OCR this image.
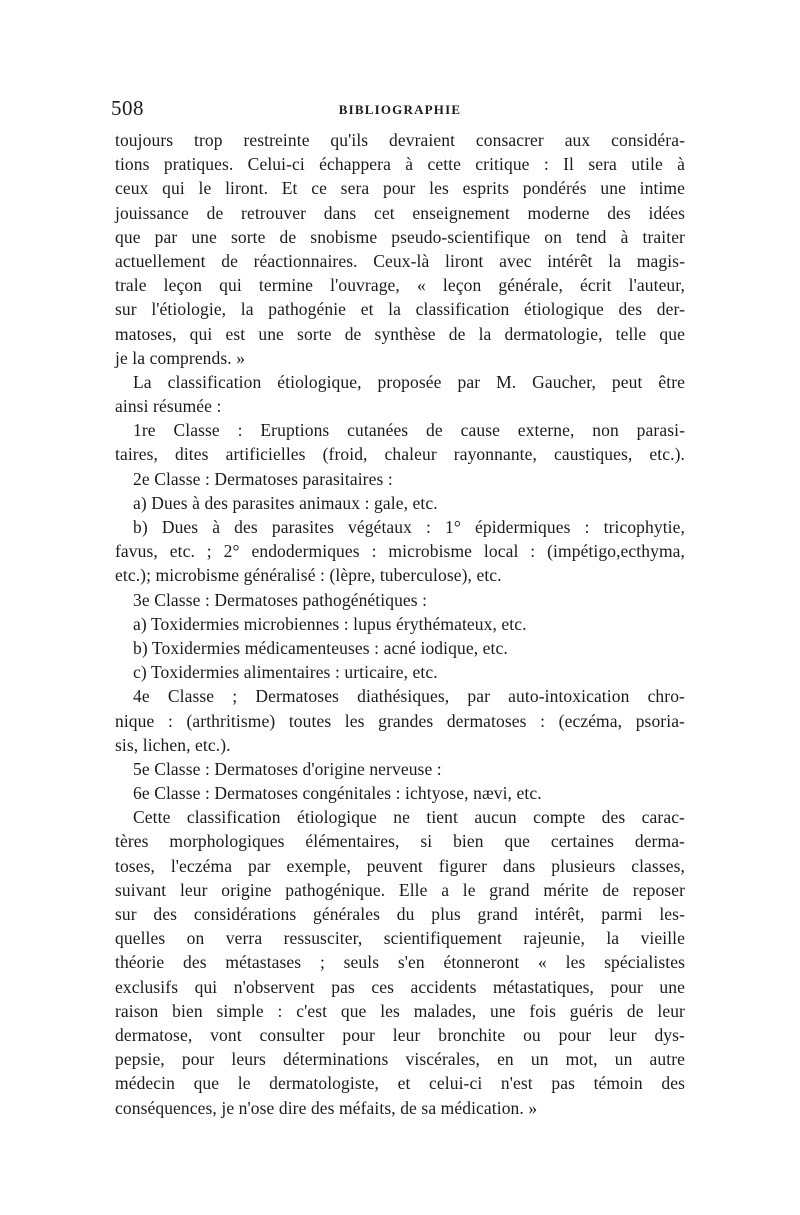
508	BIBLIOGRAPHIE
toujours trop restreinte qu'ils devraient consacrer aux considéra-
tions pratiques. Celui-ci échappera à cette critique : Il sera utile à
ceux qui le liront. Et ce sera pour les esprits pondérés une intime
jouissance de retrouver dans cet enseignement moderne des idées
que par une sorte de snobisme pseudo-scientifique on tend à traiter
actuellement de réactionnaires. Ceux-là liront avec intérêt la magis-
trale leçon qui termine l'ouvrage, « leçon générale, écrit l'auteur,
sur l'étiologie, la pathogénie et la classification étiologique des der-
matoses, qui est une sorte de synthèse de la dermatologie, telle que
je la comprends. »
La classification étiologique, proposée par M. Gaucher, peut être
ainsi résumée :
1re Classe : Eruptions cutanées de cause externe, non parasi-
taires, dites artificielles (froid, chaleur rayonnante, caustiques, etc.).
2e Classe : Dermatoses parasitaires :
a) Dues à des parasites animaux : gale, etc.
b) Dues à des parasites végétaux : 1° épidermiques : tricophytie,
favus, etc. ; 2° endodermiques : microbisme local : (impétigo,ecthyma,
etc.); microbisme généralisé : (lèpre, tuberculose), etc.
3e Classe : Dermatoses pathogénétiques :
a) Toxidermies microbiennes : lupus érythémateux, etc.
b) Toxidermies médicamenteuses : acné iodique, etc.
c) Toxidermies alimentaires : urticaire, etc.
4e Classe ; Dermatoses diathésiques, par auto-intoxication chro-
nique : (arthritisme) toutes les grandes dermatoses : (eczéma, psoria-
sis, lichen, etc.).
5e Classe : Dermatoses d'origine nerveuse :
6e Classe : Dermatoses congénitales : ichtyose, nævi, etc.
Cette classification étiologique ne tient aucun compte des carac-
tères morphologiques élémentaires, si bien que certaines derma-
toses, l'eczéma par exemple, peuvent figurer dans plusieurs classes,
suivant leur origine pathogénique. Elle a le grand mérite de reposer
sur des considérations générales du plus grand intérêt, parmi les-
quelles on verra ressusciter, scientifiquement rajeunie, la vieille
théorie des métastases ; seuls s'en étonneront « les spécialistes
exclusifs qui n'observent pas ces accidents métastatiques, pour une
raison bien simple : c'est que les malades, une fois guéris de leur
dermatose, vont consulter pour leur bronchite ou pour leur dys-
pepsie, pour leurs déterminations viscérales, en un mot, un autre
médecin que le dermatologiste, et celui-ci n'est pas témoin des
conséquences, je n'ose dire des méfaits, de sa médication. »
